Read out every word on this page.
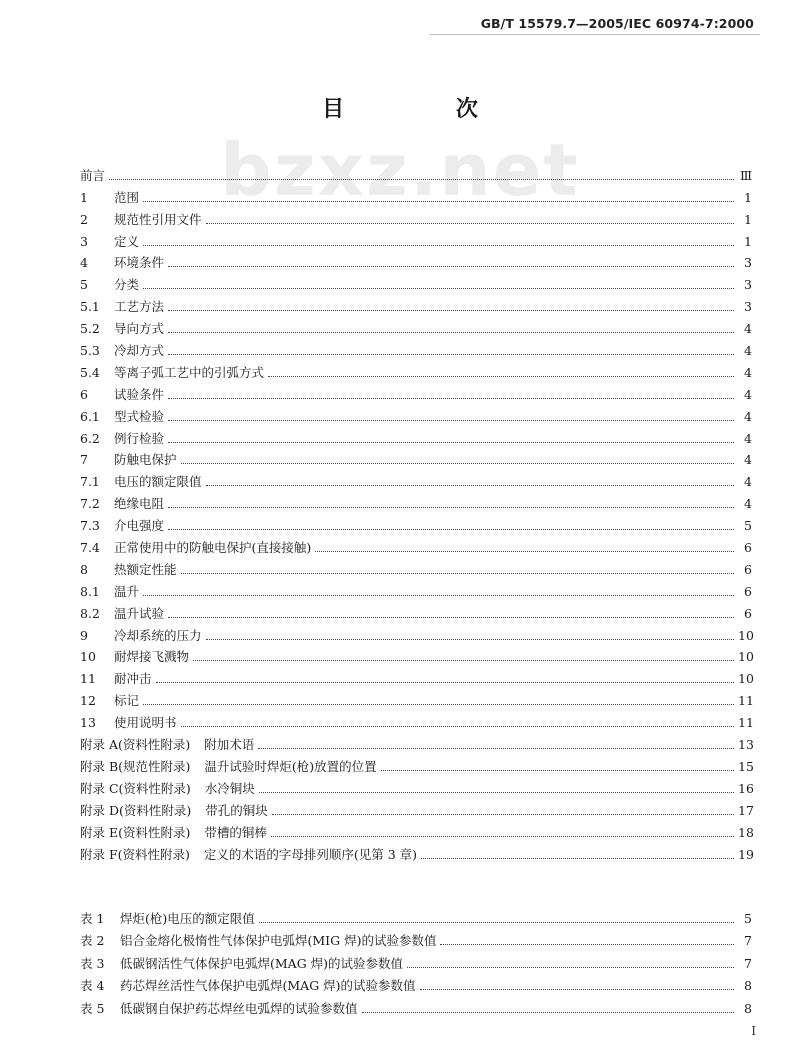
GB/T 15579.7—2005/IEC 60974-7:2000
bzxz.net
目 次
前言	Ⅲ
1	范围	1
2	规范性引用文件	1
3	定义	1
4	环境条件	3
5	分类	3
5.1	工艺方法	3
5.2	导向方式	4
5.3	冷却方式	4
5.4	等离子弧工艺中的引弧方式	4
6	试验条件	4
6.1	型式检验	4
6.2	例行检验	4
7	防触电保护	4
7.1	电压的额定限值	4
7.2	绝缘电阻	4
7.3	介电强度	5
7.4	正常使用中的防触电保护(直接接触)	6
8	热额定性能	6
8.1	温升	6
8.2	温升试验	6
9	冷却系统的压力	10
10	耐焊接飞溅物	10
11	耐冲击	10
12	标记	11
13	使用说明书	11
附录 A(资料性附录)	附加术语	13
附录 B(规范性附录)	温升试验时焊炬(枪)放置的位置	15
附录 C(资料性附录)	水冷铜块	16
附录 D(资料性附录)	带孔的铜块	17
附录 E(资料性附录)	带槽的铜棒	18
附录 F(资料性附录)	定义的术语的字母排列顺序(见第 3 章)	19
表 1	焊炬(枪)电压的额定限值	5
表 2	铝合金熔化极惰性气体保护电弧焊(MIG 焊)的试验参数值	7
表 3	低碳钢活性气体保护电弧焊(MAG 焊)的试验参数值	7
表 4	药芯焊丝活性气体保护电弧焊(MAG 焊)的试验参数值	8
表 5	低碳钢自保护药芯焊丝电弧焊的试验参数值	8
I
